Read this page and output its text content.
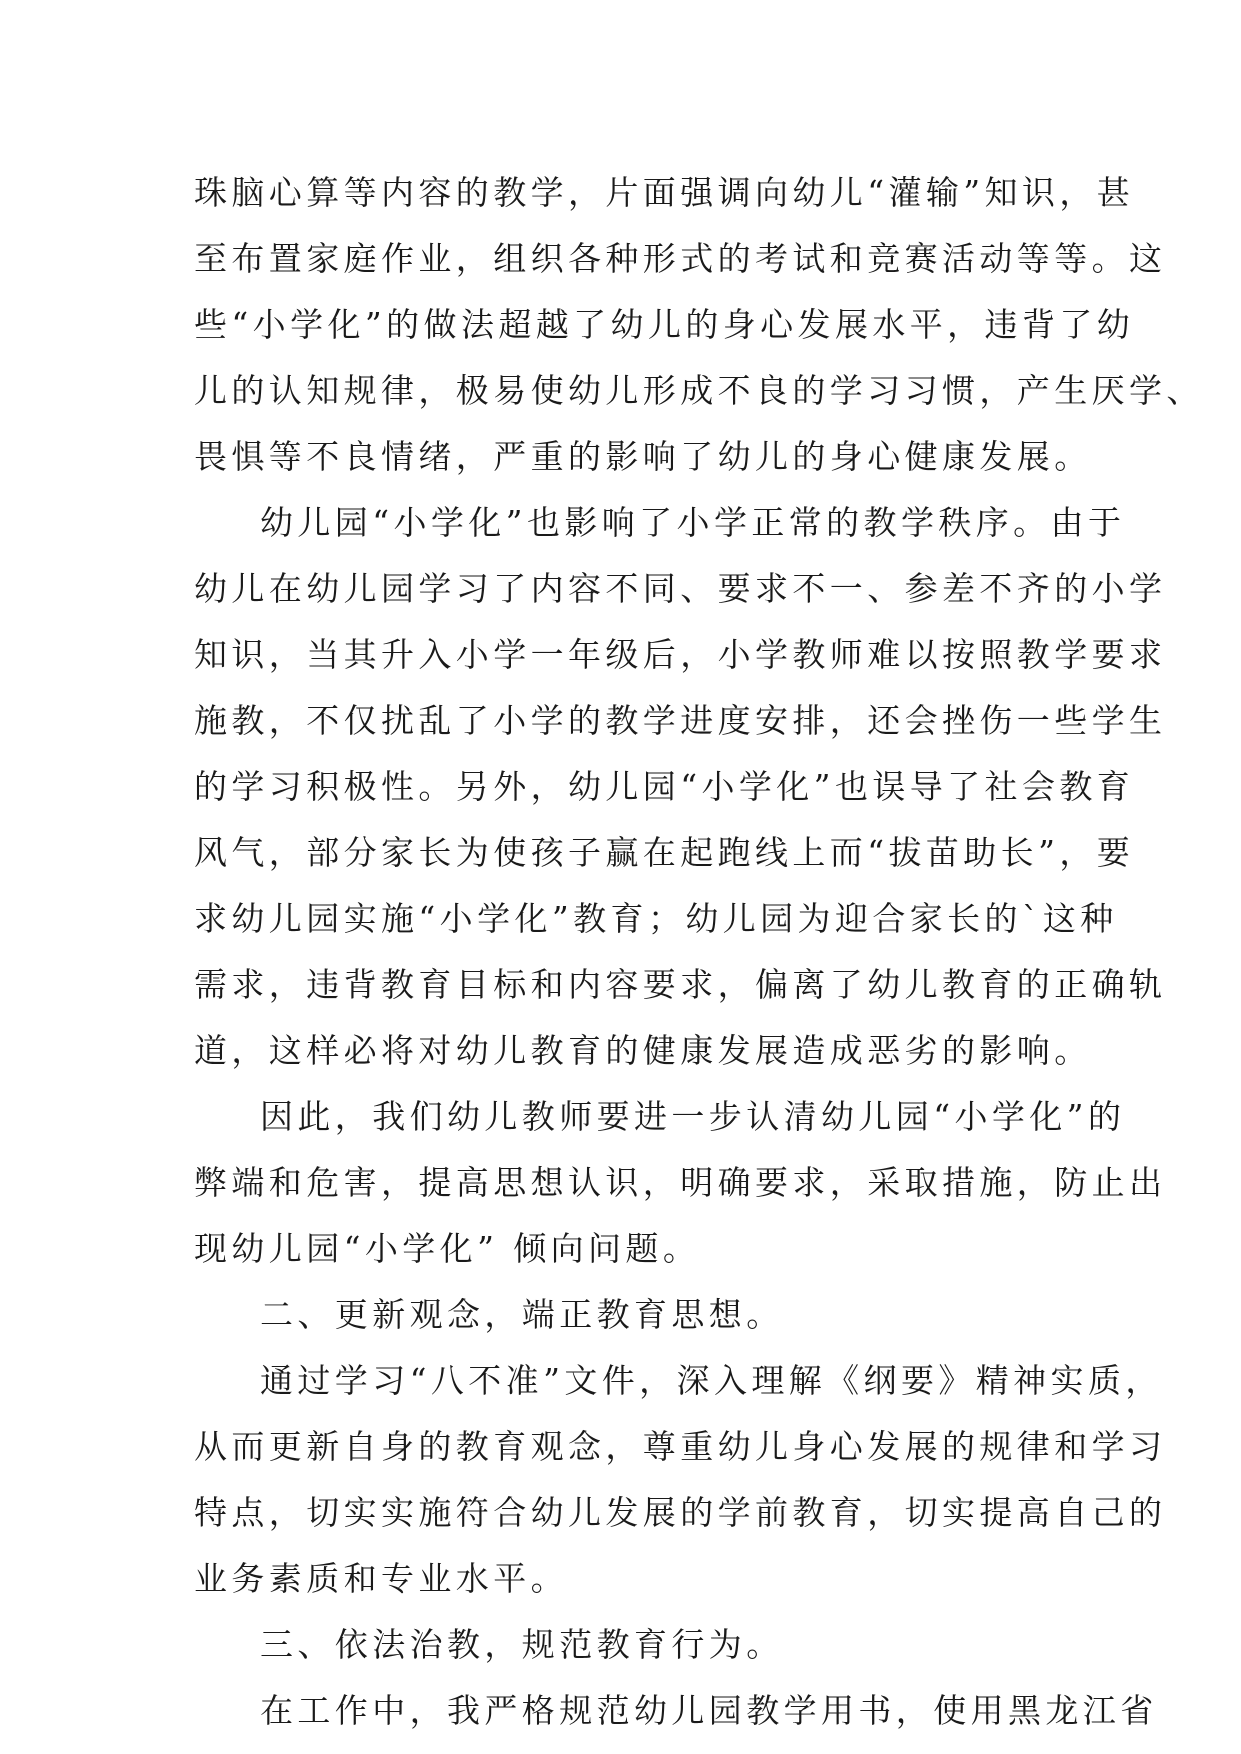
珠脑心算等内容的教学，片面强调向幼儿“灌输”知识，甚
至布置家庭作业，组织各种形式的考试和竞赛活动等等。这
些“小学化”的做法超越了幼儿的身心发展水平，违背了幼
儿的认知规律，极易使幼儿形成不良的学习习惯，产生厌学、
畏惧等不良情绪，严重的影响了幼儿的身心健康发展。
幼儿园“小学化”也影响了小学正常的教学秩序。由于
幼儿在幼儿园学习了内容不同、要求不一、参差不齐的小学
知识，当其升入小学一年级后，小学教师难以按照教学要求
施教，不仅扰乱了小学的教学进度安排，还会挫伤一些学生
的学习积极性。另外，幼儿园“小学化”也误导了社会教育
风气，部分家长为使孩子赢在起跑线上而“拔苗助长”，要
求幼儿园实施“小学化”教育；幼儿园为迎合家长的`这种
需求，违背教育目标和内容要求，偏离了幼儿教育的正确轨
道，这样必将对幼儿教育的健康发展造成恶劣的影响。
因此，我们幼儿教师要进一步认清幼儿园“小学化”的
弊端和危害，提高思想认识，明确要求，采取措施，防止出
现幼儿园“小学化” 倾向问题。
二、更新观念，端正教育思想。
通过学习“八不准”文件，深入理解《纲要》精神实质，
从而更新自身的教育观念，尊重幼儿身心发展的规律和学习
特点，切实实施符合幼儿发展的学前教育，切实提高自己的
业务素质和专业水平。
三、依法治教，规范教育行为。
在工作中，我严格规范幼儿园教学用书，使用黑龙江省
